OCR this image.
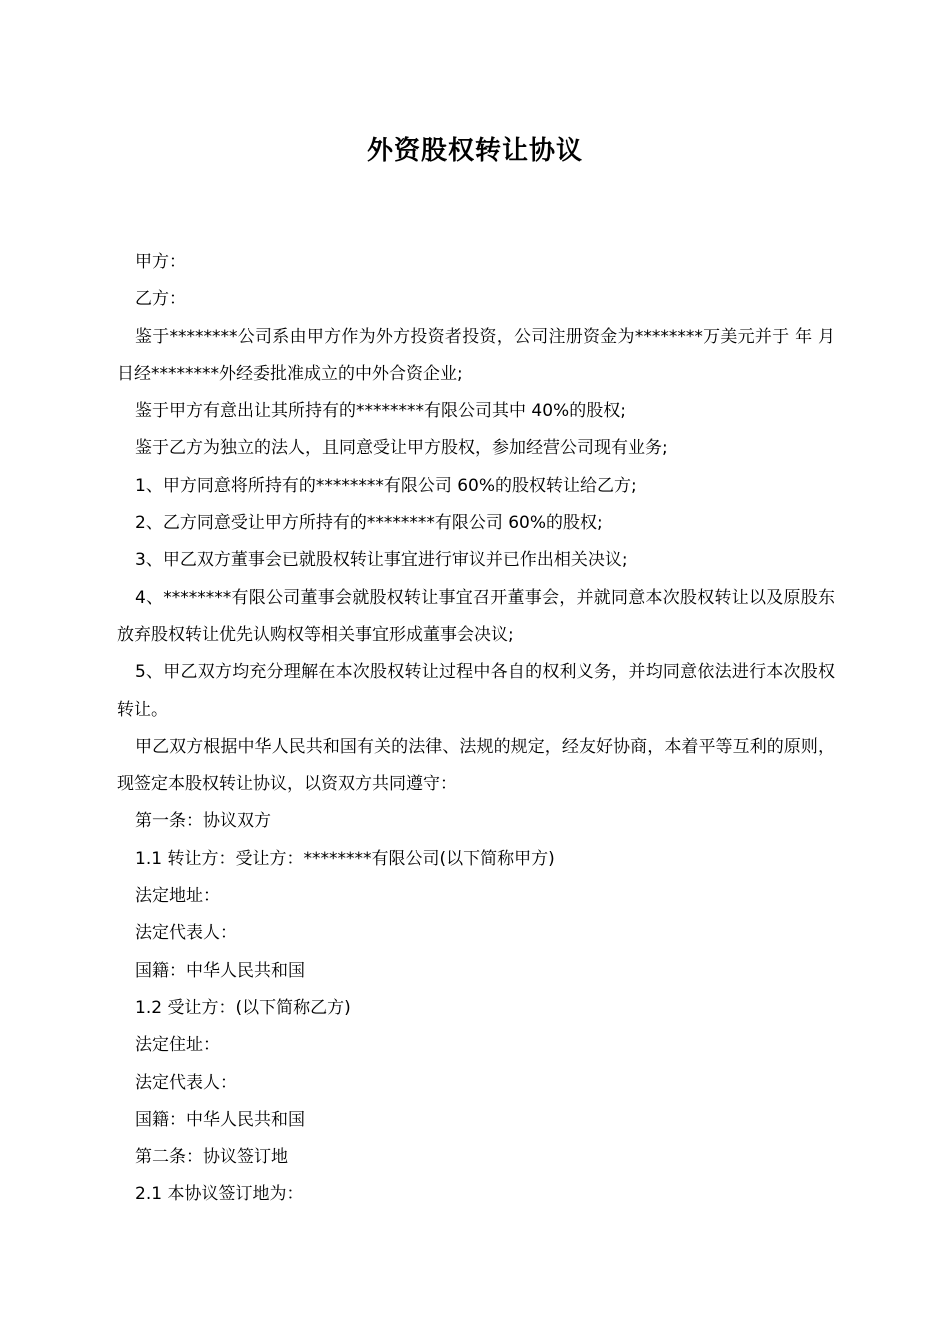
外资股权转让协议

甲方：

乙方：

鉴于********公司系由甲方作为外方投资者投资，公司注册资金为********万美元并于 年 月 日经********外经委批准成立的中外合资企业;

鉴于甲方有意出让其所持有的********有限公司其中 40%的股权;

鉴于乙方为独立的法人，且同意受让甲方股权，参加经营公司现有业务;

1、甲方同意将所持有的********有限公司 60%的股权转让给乙方;

2、乙方同意受让甲方所持有的********有限公司 60%的股权;

3、甲乙双方董事会已就股权转让事宜进行审议并已作出相关决议;

4、********有限公司董事会就股权转让事宜召开董事会，并就同意本次股权转让以及原股东放弃股权转让优先认购权等相关事宜形成董事会决议;

5、甲乙双方均充分理解在本次股权转让过程中各自的权利义务，并均同意依法进行本次股权转让。

甲乙双方根据中华人民共和国有关的法律、法规的规定，经友好协商，本着平等互利的原则，现签定本股权转让协议，以资双方共同遵守：

第一条：协议双方

1.1 转让方：受让方：********有限公司(以下简称甲方)

法定地址：

法定代表人：

国籍：中华人民共和国

1.2 受让方：(以下简称乙方)

法定住址：

法定代表人：

国籍：中华人民共和国

第二条：协议签订地

2.1 本协议签订地为：
